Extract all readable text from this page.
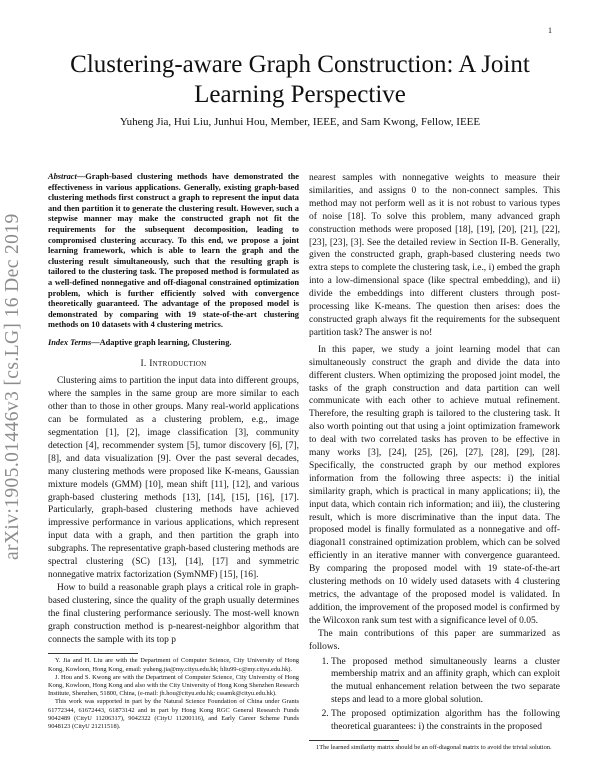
1
arXiv:1905.01446v3 [cs.LG] 16 Dec 2019
Clustering-aware Graph Construction: A Joint Learning Perspective
Yuheng Jia, Hui Liu, Junhui Hou, Member, IEEE, and Sam Kwong, Fellow, IEEE

Abstract—Graph-based clustering methods have demonstrated the effectiveness in various applications. Generally, existing graph-based clustering methods first construct a graph to represent the input data and then partition it to generate the clustering result. However, such a stepwise manner may make the constructed graph not fit the requirements for the subsequent decomposition, leading to compromised clustering accuracy. To this end, we propose a joint learning framework, which is able to learn the graph and the clustering result simultaneously, such that the resulting graph is tailored to the clustering task. The proposed method is formulated as a well-defined nonnegative and off-diagonal constrained optimization problem, which is further efficiently solved with convergence theoretically guaranteed. The advantage of the proposed model is demonstrated by comparing with 19 state-of-the-art clustering methods on 10 datasets with 4 clustering metrics.

Index Terms—Adaptive graph learning, Clustering.

I. Introduction

Clustering aims to partition the input data into different groups, where the samples in the same group are more similar to each other than to those in other groups. Many real-world applications can be formulated as a clustering problem, e.g., image segmentation [1], [2], image classification [3], community detection [4], recommender system [5], tumor discovery [6], [7], [8], and data visualization [9]. Over the past several decades, many clustering methods were proposed like K-means, Gaussian mixture models (GMM) [10], mean shift [11], [12], and various graph-based clustering methods [13], [14], [15], [16], [17]. Particularly, graph-based clustering methods have achieved impressive performance in various applications, which represent input data with a graph, and then partition the graph into subgraphs. The representative graph-based clustering methods are spectral clustering (SC) [13], [14], [17] and symmetric nonnegative matrix factorization (SymNMF) [15], [16].

How to build a reasonable graph plays a critical role in graph-based clustering, since the quality of the graph usually determines the final clustering performance seriously. The most-well known graph construction method is p-nearest-neighbor algorithm that connects the sample with its top p

Y. Jia and H. Liu are with the Department of Computer Science, City University of Hong Kong, Kowloon, Hong Kong, email: yuheng.jia@my.cityu.edu.hk; hliu99-c@my.cityu.edu.hk).

J. Hou and S. Kwong are with the Department of Computer Science, City University of Hong Kong, Kowloon, Hong Kong and also with the City University of Hong Kong Shenzhen Research Institute, Shenzhen, 51800, China, (e-mail: jh.hou@cityu.edu.hk; cssamk@cityu.edu.hk).

This work was supported in part by the Natural Science Foundation of China under Grants 61772344, 61672443, 61873142 and in part by Hong Kong RGC General Research Funds 9042489 (CityU 11206317), 9042322 (CityU 11200116), and Early Career Scheme Funds 9048123 (CityU 21211518).

nearest samples with nonnegative weights to measure their similarities, and assigns 0 to the non-connect samples. This method may not perform well as it is not robust to various types of noise [18]. To solve this problem, many advanced graph construction methods were proposed [18], [19], [20], [21], [22], [23], [23], [3]. See the detailed review in Section II-B. Generally, given the constructed graph, graph-based clustering needs two extra steps to complete the clustering task, i.e., i) embed the graph into a low-dimensional space (like spectral embedding), and ii) divide the embeddings into different clusters through post-processing like K-means. The question then arises: does the constructed graph always fit the requirements for the subsequent partition task? The answer is no!

In this paper, we study a joint learning model that can simultaneously construct the graph and divide the data into different clusters. When optimizing the proposed joint model, the tasks of the graph construction and data partition can well communicate with each other to achieve mutual refinement. Therefore, the resulting graph is tailored to the clustering task. It also worth pointing out that using a joint optimization framework to deal with two correlated tasks has proven to be effective in many works [3], [24], [25], [26], [27], [28], [29], [28]. Specifically, the constructed graph by our method explores information from the following three aspects: i) the initial similarity graph, which is practical in many applications; ii), the input data, which contain rich information; and iii), the clustering result, which is more discriminative than the input data. The proposed model is finally formulated as a nonnegative and off-diagonal1 constrained optimization problem, which can be solved efficiently in an iterative manner with convergence guaranteed. By comparing the proposed model with 19 state-of-the-art clustering methods on 10 widely used datasets with 4 clustering metrics, the advantage of the proposed model is validated. In addition, the improvement of the proposed model is confirmed by the Wilcoxon rank sum test with a significance level of 0.05.

The main contributions of this paper are summarized as follows.

1. The proposed method simultaneously learns a cluster membership matrix and an affinity graph, which can exploit the mutual enhancement relation between the two separate steps and lead to a more global solution.
2. The proposed optimization algorithm has the following theoretical guarantees: i) the constraints in the proposed

1The learned similarity matrix should be an off-diagonal matrix to avoid the trivial solution.
